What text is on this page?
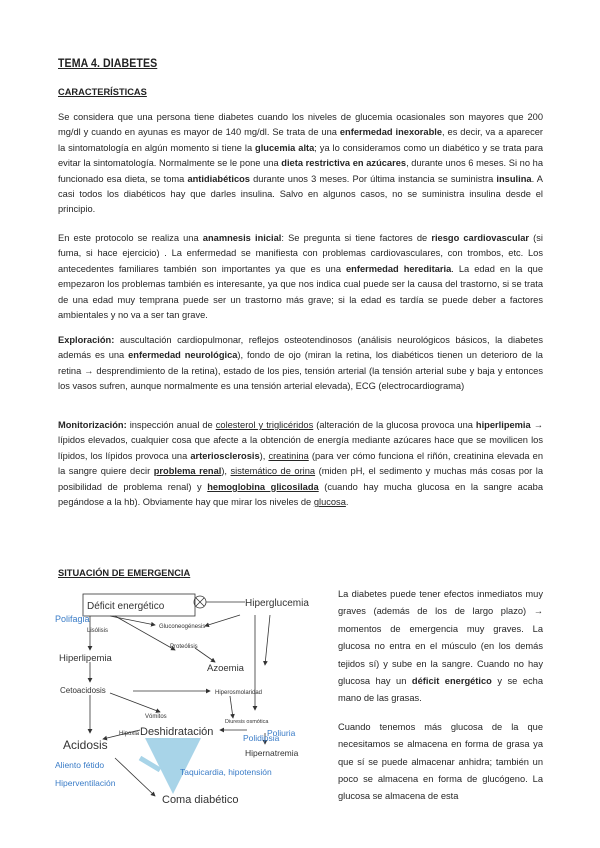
TEMA 4. DIABETES
CARACTERÍSTICAS

Se considera que una persona tiene diabetes cuando los niveles de glucemia ocasionales son mayores que 200 mg/dl y cuando en ayunas es mayor de 140 mg/dl. Se trata de una enfermedad inexorable, es decir, va a aparecer la sintomatología en algún momento si tiene la glucemia alta; ya lo consideramos como un diabético y se trata para evitar la sintomatología. Normalmente se le pone una dieta restrictiva en azúcares, durante unos 6 meses. Si no ha funcionado esa dieta, se toma antidiabéticos durante unos 3 meses. Por última instancia se suministra insulina. A casi todos los diabéticos hay que darles insulina. Salvo en algunos casos, no se suministra insulina desde el principio.

En este protocolo se realiza una anamnesis inicial: Se pregunta si tiene factores de riesgo cardiovascular (si fuma, si hace ejercicio) . La enfermedad se manifiesta con problemas cardiovasculares, con trombos, etc. Los antecedentes familiares también son importantes ya que es una enfermedad hereditaria. La edad en la que empezaron los problemas también es interesante, ya que nos indica cual puede ser la causa del trastorno, si se trata de una edad muy temprana puede ser un trastorno más grave; si la edad es tardía se puede deber a factores ambientales y no va a ser tan grave.

Exploración: auscultación cardiopulmonar, reflejos osteotendinosos (análisis neurológicos básicos, la diabetes además es una enfermedad neurológica), fondo de ojo (miran la retina, los diabéticos tienen un deterioro de la retina → desprendimiento de la retina), estado de los pies, tensión arterial (la tensión arterial sube y baja y entonces los vasos sufren, aunque normalmente es una tensión arterial elevada), ECG (electrocardiograma)

Monitorización: inspección anual de colesterol y triglicéridos (alteración de la glucosa provoca una hiperlipemia → lípidos elevados, cualquier cosa que afecte a la obtención de energía mediante azúcares hace que se movilicen los lípidos, los lípidos provoca una arteriosclerosis), creatinina (para ver cómo funciona el riñón, creatinina elevada en la sangre quiere decir problema renal), sistemático de orina (miden pH, el sedimento y muchas más cosas por la posibilidad de problema renal) y hemoglobina glicosilada (cuando hay mucha glucosa en la sangre acaba pegándose a la hb). Obviamente hay que mirar los niveles de glucosa.

SITUACIÓN DE EMERGENCIA
Déficit energético	Hiperglucemia
Polifagia
Lisólisis
Gluconeogénesis
Proteólisis
Hiperlipemia
Azoemia
Cetoacidosis	Hiperosmolaridad
Vómitos
Diuresis osmótica
Hipoxia Deshidratación	Poliuria
Polidipsia
Hipernatremia
Acidosis
Taquicardia, hipotensión
Aliento fétido
Hiperventilación
Coma diabético

La diabetes puede tener efectos inmediatos muy graves (además de los de largo plazo) → momentos de emergencia muy graves. La glucosa no entra en el músculo (en los demás tejidos sí) y sube en la sangre. Cuando no hay glucosa hay un déficit energético y se echa mano de las grasas.

Cuando tenemos más glucosa de la que necesitamos se almacena en forma de grasa ya que sí se puede almacenar anhidra; también un poco se almacena en forma de glucógeno. La glucosa se almacena de esta
